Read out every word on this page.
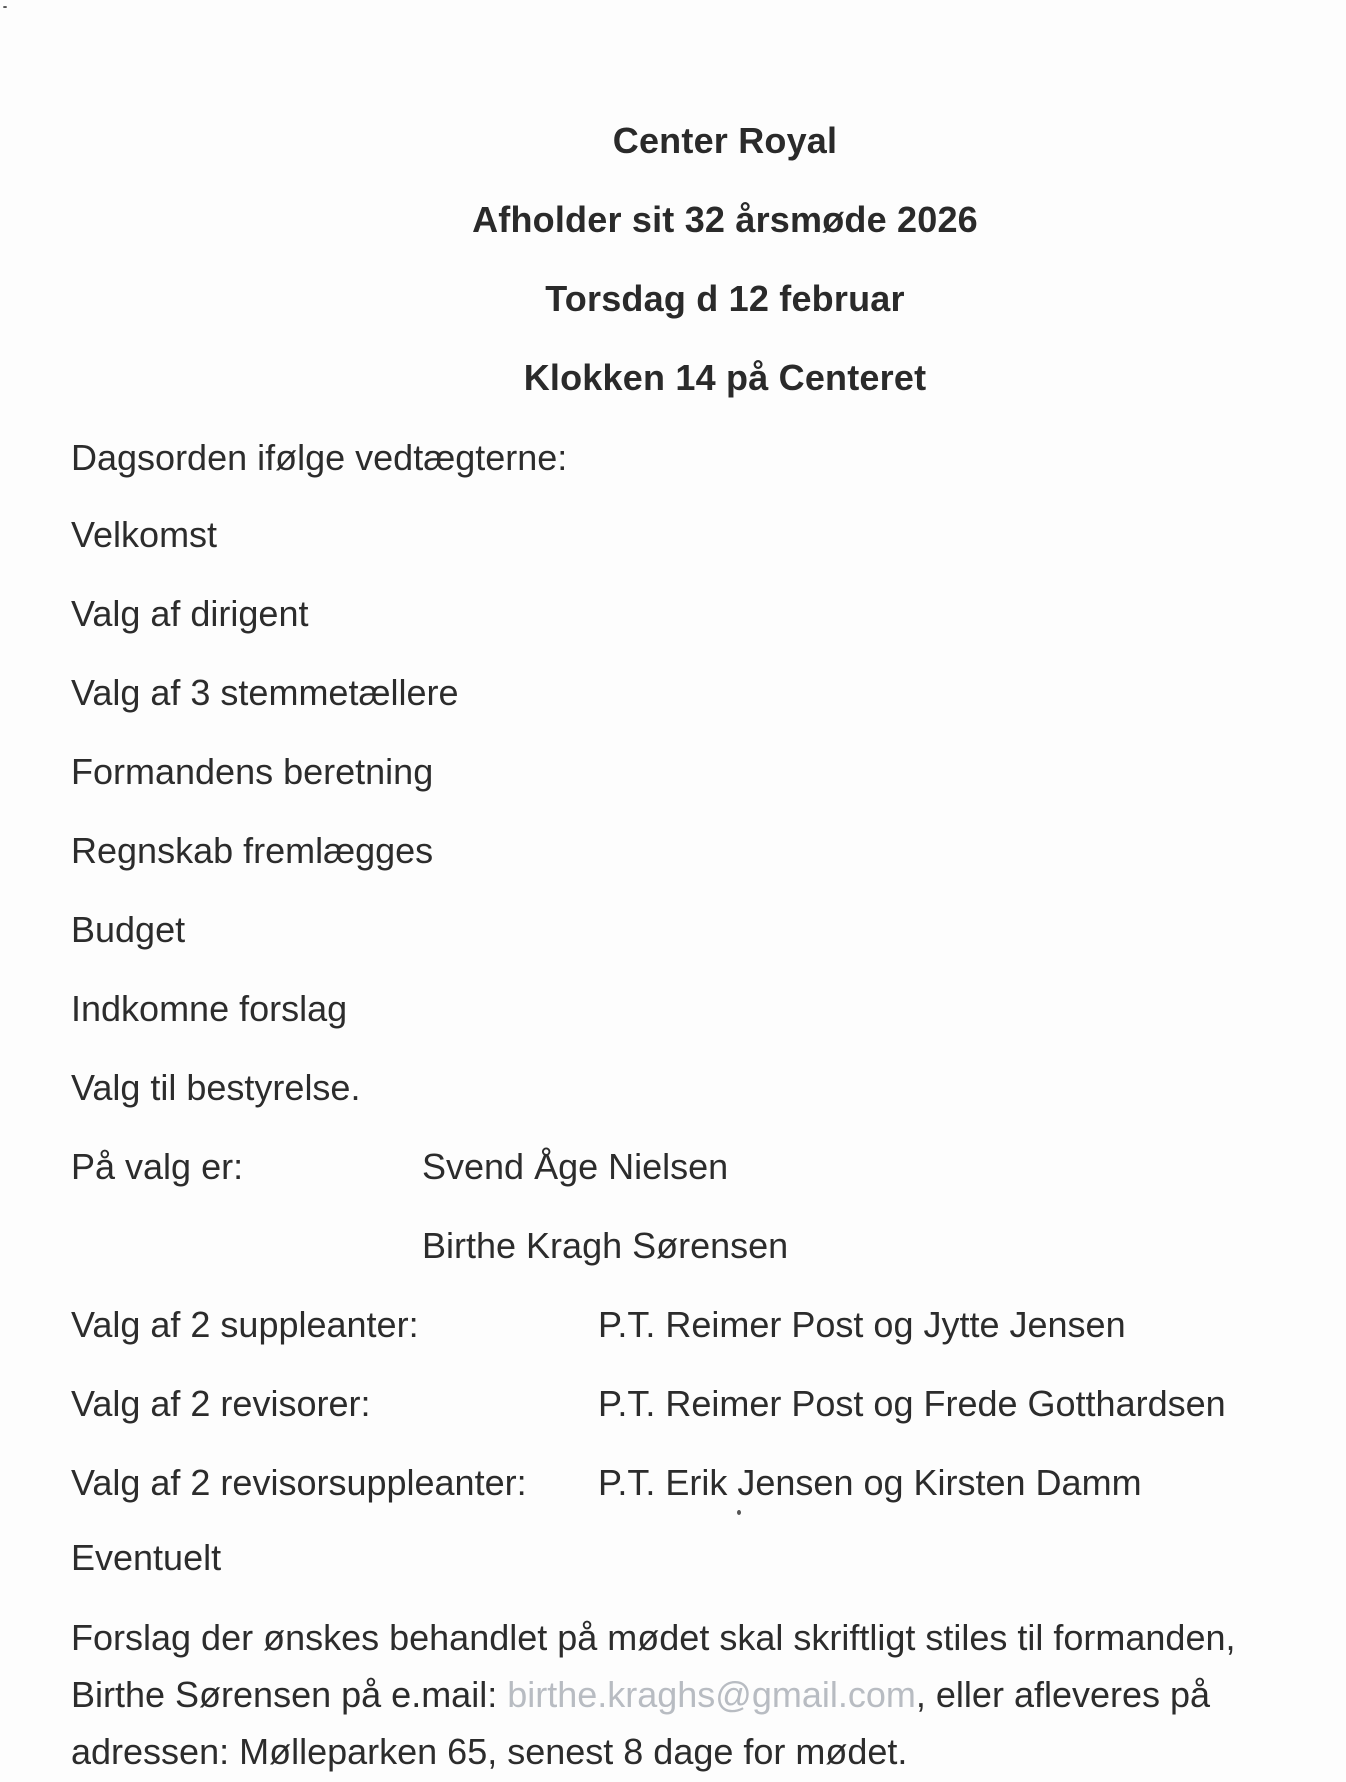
Center Royal
Afholder sit 32 årsmøde 2026
Torsdag d 12 februar
Klokken 14 på Centeret
Dagsorden ifølge vedtægterne:
Velkomst
Valg af dirigent
Valg af 3 stemmetællere
Formandens beretning
Regnskab fremlægges
Budget
Indkomne forslag
Valg til bestyrelse.
På valg er:	Svend Åge Nielsen
Birthe Kragh Sørensen
Valg af 2 suppleanter:	P.T. Reimer Post og Jytte Jensen
Valg af 2 revisorer:	P.T. Reimer Post og Frede Gotthardsen
Valg af 2 revisorsuppleanter: P.T. Erik Jensen og Kirsten Damm
Eventuelt
Forslag der ønskes behandlet på mødet skal skriftligt stiles til formanden,
Birthe Sørensen på e.mail: birthe.kraghs@gmail.com, eller afleveres på
adressen: Mølleparken 65, senest 8 dage for mødet.
